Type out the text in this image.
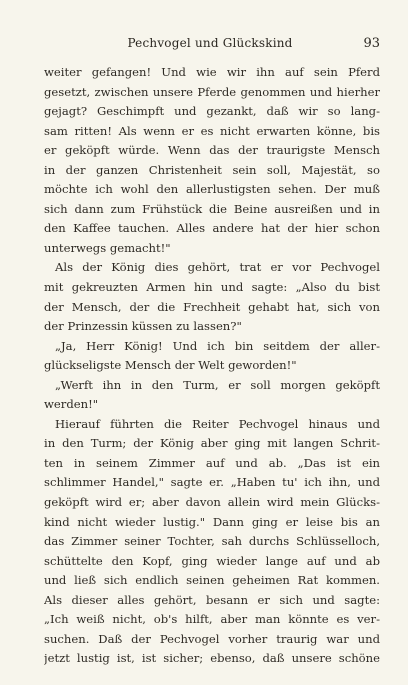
Pechvogel und Glückskind	93
weiter gefangen! Und wie wir ihn auf sein Pferd
gesetzt, zwischen unsere Pferde genommen und hierher
gejagt? Geschimpft und gezankt, daß wir so lang-
sam ritten! Als wenn er es nicht erwarten könne, bis
er geköpft würde. Wenn das der traurigste Mensch
in der ganzen Christenheit sein soll, Majestät, so
möchte ich wohl den allerlustigsten sehen. Der muß
sich dann zum Frühstück die Beine ausreißen und in
den Kaffee tauchen. Alles andere hat der hier schon
unterwegs gemacht!"
Als der König dies gehört, trat er vor Pechvogel
mit gekreuzten Armen hin und sagte: „Also du bist
der Mensch, der die Frechheit gehabt hat, sich von
der Prinzessin küssen zu lassen?"
„Ja, Herr König! Und ich bin seitdem der aller-
glückseligste Mensch der Welt geworden!"
„Werft ihn in den Turm, er soll morgen geköpft
werden!"
Hierauf führten die Reiter Pechvogel hinaus und
in den Turm; der König aber ging mit langen Schrit-
ten in seinem Zimmer auf und ab. „Das ist ein
schlimmer Handel," sagte er. „Haben tu' ich ihn, und
geköpft wird er; aber davon allein wird mein Glücks-
kind nicht wieder lustig." Dann ging er leise bis an
das Zimmer seiner Tochter, sah durchs Schlüsselloch,
schüttelte den Kopf, ging wieder lange auf und ab
und ließ sich endlich seinen geheimen Rat kommen.
Als dieser alles gehört, besann er sich und sagte:
„Ich weiß nicht, ob's hilft, aber man könnte es ver-
suchen. Daß der Pechvogel vorher traurig war und
jetzt lustig ist, ist sicher; ebenso, daß unsere schöne
